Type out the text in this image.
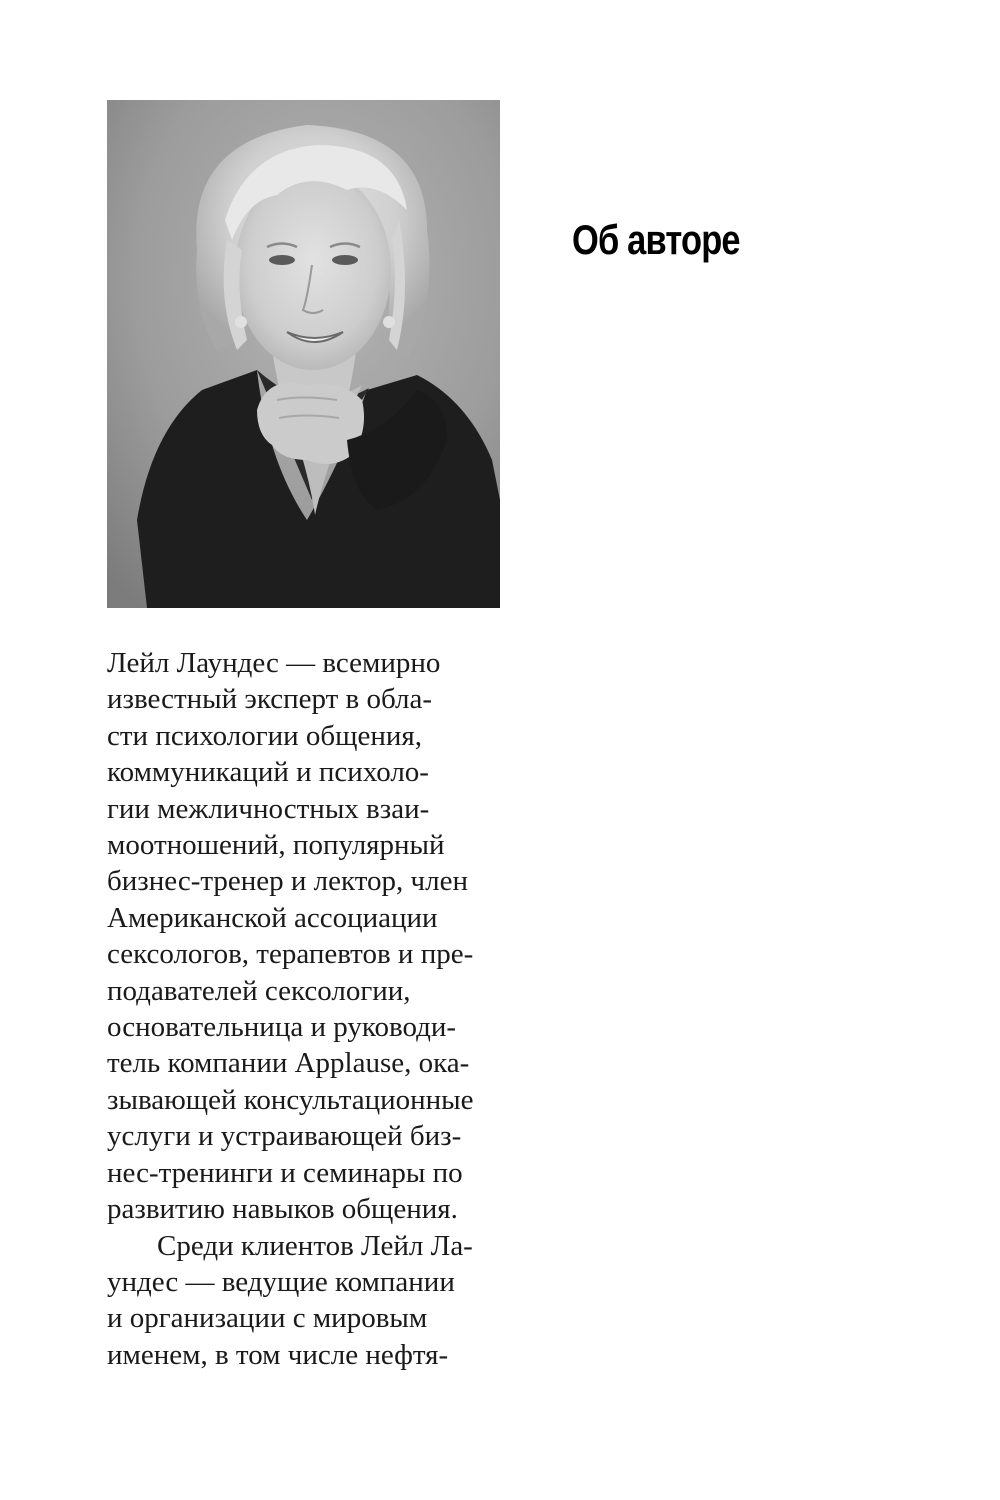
Об авторе

Лейл Лаундес — всемирно
известный эксперт в обла-
сти психологии общения,
коммуникаций и психоло-
гии межличностных взаи-
моотношений, популярный
бизнес-тренер и лектор, член
Американской ассоциации
сексологов, терапевтов и пре-
подавателей сексологии,
основательница и руководи-
тель компании Applause, ока-
зывающей консультационные
услуги и устраивающей биз-
нес-тренинги и семинары по
развитию навыков общения.

Среди клиентов Лейл Ла-
ундес — ведущие компании
и организации с мировым
именем, в том числе нефтя-
